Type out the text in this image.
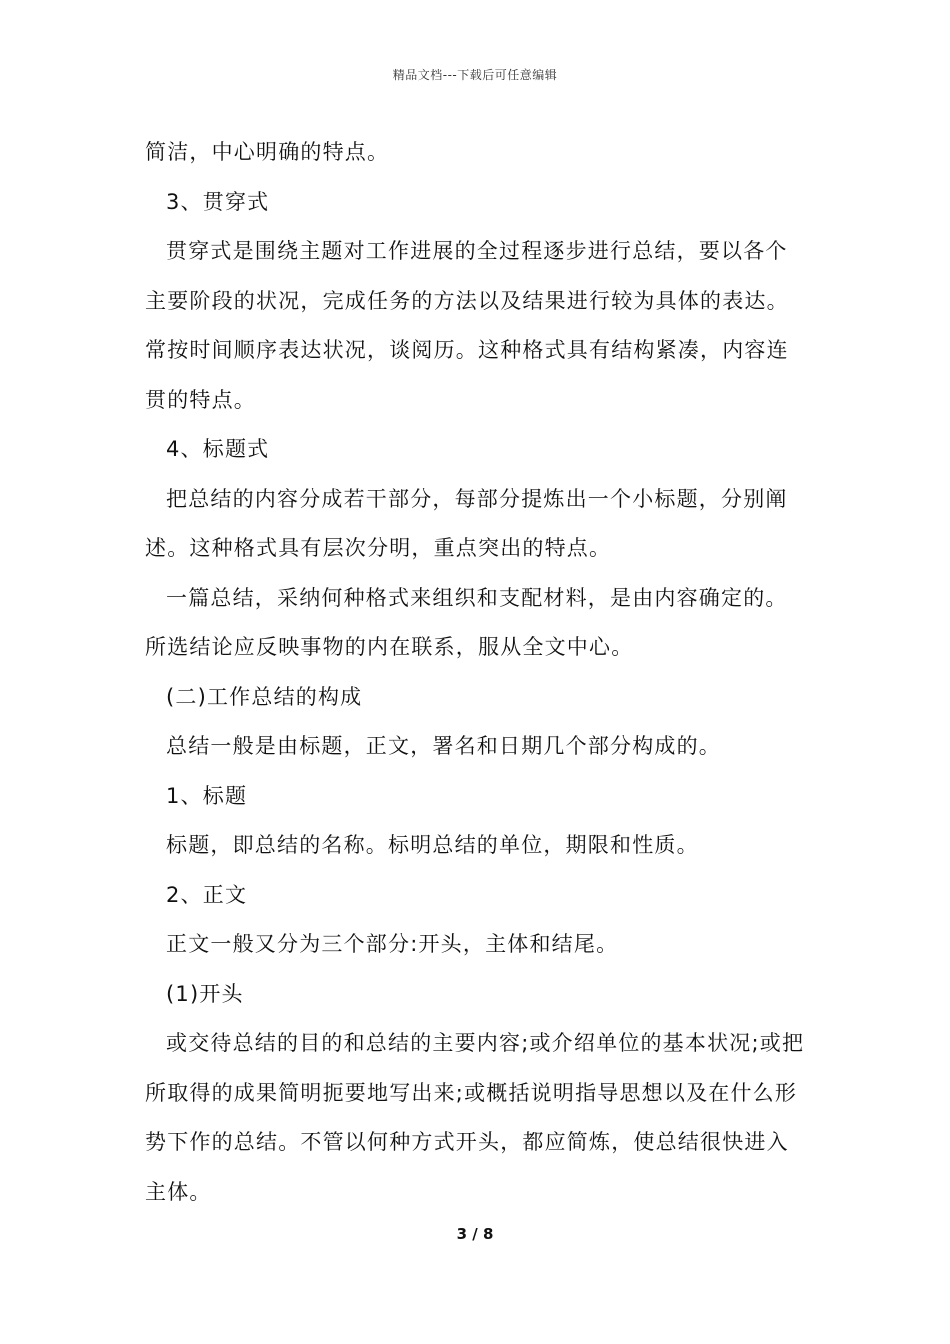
精品文档---下载后可任意编辑
简洁，中心明确的特点。
3、贯穿式
贯穿式是围绕主题对工作进展的全过程逐步进行总结，要以各个
主要阶段的状况，完成任务的方法以及结果进行较为具体的表达。
常按时间顺序表达状况，谈阅历。这种格式具有结构紧凑，内容连
贯的特点。
4、标题式
把总结的内容分成若干部分，每部分提炼出一个小标题，分别阐
述。这种格式具有层次分明，重点突出的特点。
一篇总结，采纳何种格式来组织和支配材料，是由内容确定的。
所选结论应反映事物的内在联系，服从全文中心。
(二)工作总结的构成
总结一般是由标题，正文，署名和日期几个部分构成的。
1、标题
标题，即总结的名称。标明总结的单位，期限和性质。
2、正文
正文一般又分为三个部分:开头，主体和结尾。
(1)开头
或交待总结的目的和总结的主要内容;或介绍单位的基本状况;或把
所取得的成果简明扼要地写出来;或概括说明指导思想以及在什么形
势下作的总结。不管以何种方式开头，都应简炼，使总结很快进入
主体。
3 / 8
